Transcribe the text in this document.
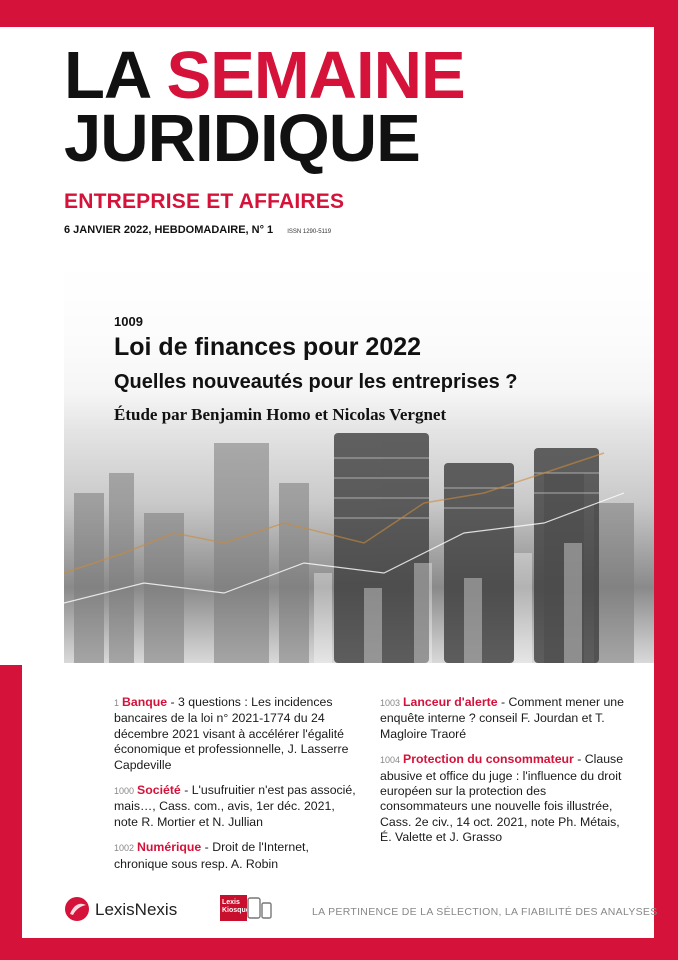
LA SEMAINE
JURIDIQUE
ENTREPRISE ET AFFAIRES
6 JANVIER 2022, HEBDOMADAIRE, N° 1 ISSN 1290-5119
1009
Loi de finances pour 2022
Quelles nouveautés pour les entreprises ?
Étude par Benjamin Homo et Nicolas Vergnet
1 Banque - 3 questions : Les incidences bancaires de la loi n° 2021-1774 du 24 décembre 2021 visant à accélérer l'égalité économique et professionnelle, J. Lasserre Capdeville
1000 Société - L'usufruitier n'est pas associé, mais…, Cass. com., avis, 1er déc. 2021, note R. Mortier et N. Jullian
1002 Numérique - Droit de l'Internet, chronique sous resp. A. Robin
1003 Lanceur d'alerte - Comment mener une enquête interne ? conseil F. Jourdan et T. Magloire Traoré
1004 Protection du consommateur - Clause abusive et office du juge : l'influence du droit européen sur la protection des consommateurs une nouvelle fois illustrée, Cass. 2e civ., 14 oct. 2021, note Ph. Métais, É. Valette et J. Grasso
LexisNexis	Lexis
Kiosque	LA PERTINENCE DE LA SÉLECTION, LA FIABILITÉ DES ANALYSES
